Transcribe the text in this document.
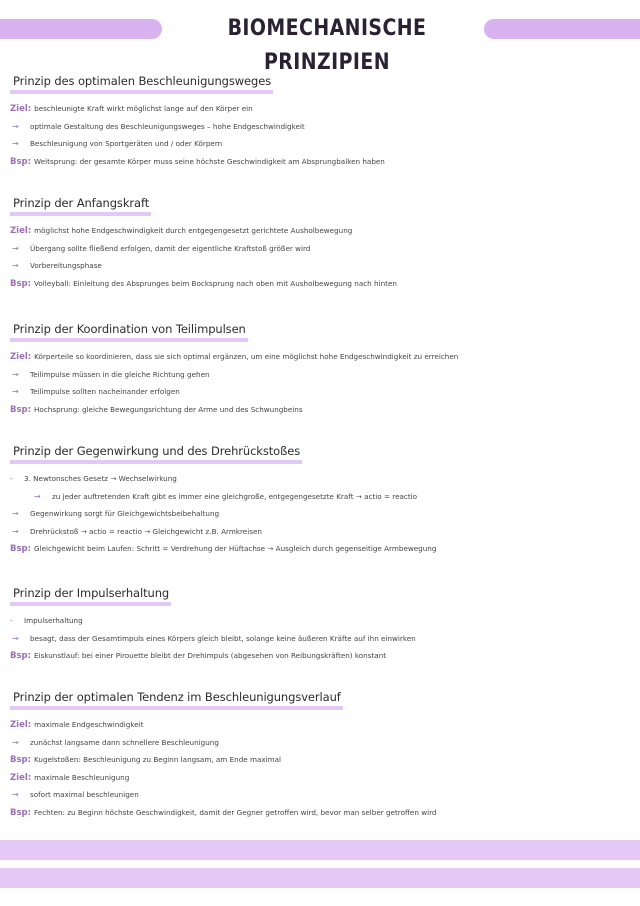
BIOMECHANISCHE PRINZIPIEN
Prinzip des optimalen Beschleunigungsweges
Ziel: beschleunigte Kraft wirkt möglichst lange auf den Körper ein
→ optimale Gestaltung des Beschleunigungsweges – hohe Endgeschwindigkeit
→ Beschleunigung von Sportgeräten und / oder Körpern
Bsp: Weitsprung: der gesamte Körper muss seine höchste Geschwindigkeit am Absprungbalken haben
Prinzip der Anfangskraft
Ziel: möglichst hohe Endgeschwindigkeit durch entgegengesetzt gerichtete Ausholbewegung
→ Übergang sollte fließend erfolgen, damit der eigentliche Kraftstoß größer wird
→ Vorbereitungsphase
Bsp: Volleyball: Einleitung des Absprunges beim Bocksprung nach oben mit Ausholbewegung nach hinten
Prinzip der Koordination von Teilimpulsen
Ziel: Körperteile so koordinieren, dass sie sich optimal ergänzen, um eine möglichst hohe Endgeschwindigkeit zu erreichen
→ Teilimpulse müssen in die gleiche Richtung gehen
→ Teilimpulse sollten nacheinander erfolgen
Bsp: Hochsprung: gleiche Bewegungsrichtung der Arme und des Schwungbeins
Prinzip der Gegenwirkung und des Drehrückstoßes
- 3. Newtonsches Gesetz → Wechselwirkung
→ zu jeder auftretenden Kraft gibt es immer eine gleichgroße, entgegengesetzte Kraft → actio = reactio
→ Gegenwirkung sorgt für Gleichgewichtsbeibehaltung
→ Drehrückstoß → actio = reactio → Gleichgewicht z.B. Armkreisen
Bsp: Gleichgewicht beim Laufen: Schritt = Verdrehung der Hüftachse → Ausgleich durch gegenseitige Armbewegung
Prinzip der Impulserhaltung
- Impulserhaltung
→ besagt, dass der Gesamtimpuls eines Körpers gleich bleibt, solange keine äußeren Kräfte auf ihn einwirken
Bsp: Eiskunstlauf: bei einer Pirouette bleibt der Drehimpuls (abgesehen von Reibungskräften) konstant
Prinzip der optimalen Tendenz im Beschleunigungsverlauf
Ziel: maximale Endgeschwindigkeit
→ zunächst langsame dann schnellere Beschleunigung
Bsp: Kugelstoßen: Beschleunigung zu Beginn langsam, am Ende maximal
Ziel: maximale Beschleunigung
→ sofort maximal beschleunigen
Bsp: Fechten: zu Beginn höchste Geschwindigkeit, damit der Gegner getroffen wird, bevor man selber getroffen wird
